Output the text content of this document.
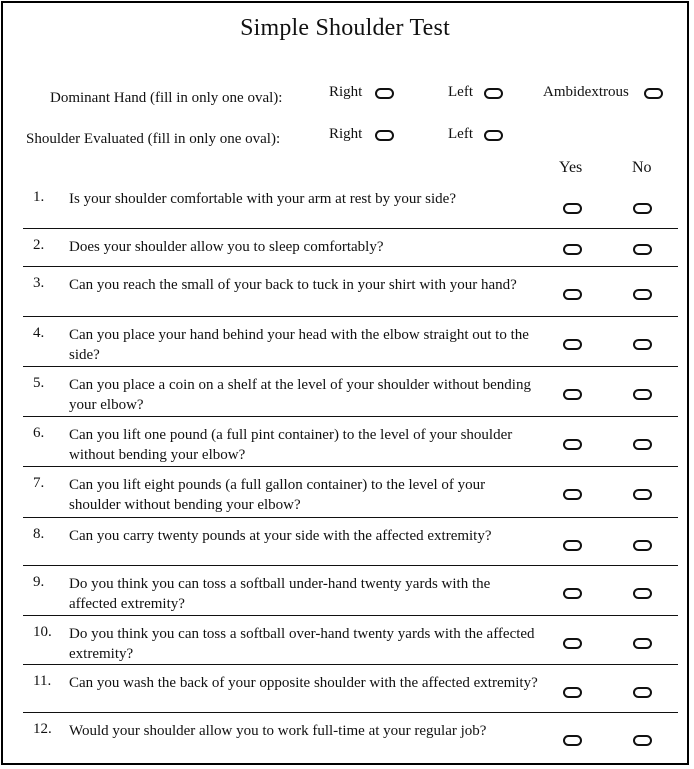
Simple Shoulder Test
Dominant Hand (fill in only one oval):	Right	Left	Ambidextrous
Shoulder Evaluated (fill in only one oval):	Right	Left
Yes	No
1. Is your shoulder comfortable with your arm at rest by your side?
2. Does your shoulder allow you to sleep comfortably?
3. Can you reach the small of your back to tuck in your shirt with your hand?
4. Can you place your hand behind your head with the elbow straight out to the side?
5. Can you place a coin on a shelf at the level of your shoulder without bending your elbow?
6. Can you lift one pound (a full pint container) to the level of your shoulder without bending your elbow?
7. Can you lift eight pounds (a full gallon container) to the level of your shoulder without bending your elbow?
8. Can you carry twenty pounds at your side with the affected extremity?
9. Do you think you can toss a softball under-hand twenty yards with the affected extremity?
10. Do you think you can toss a softball over-hand twenty yards with the affected extremity?
11. Can you wash the back of your opposite shoulder with the affected extremity?
12. Would your shoulder allow you to work full-time at your regular job?
